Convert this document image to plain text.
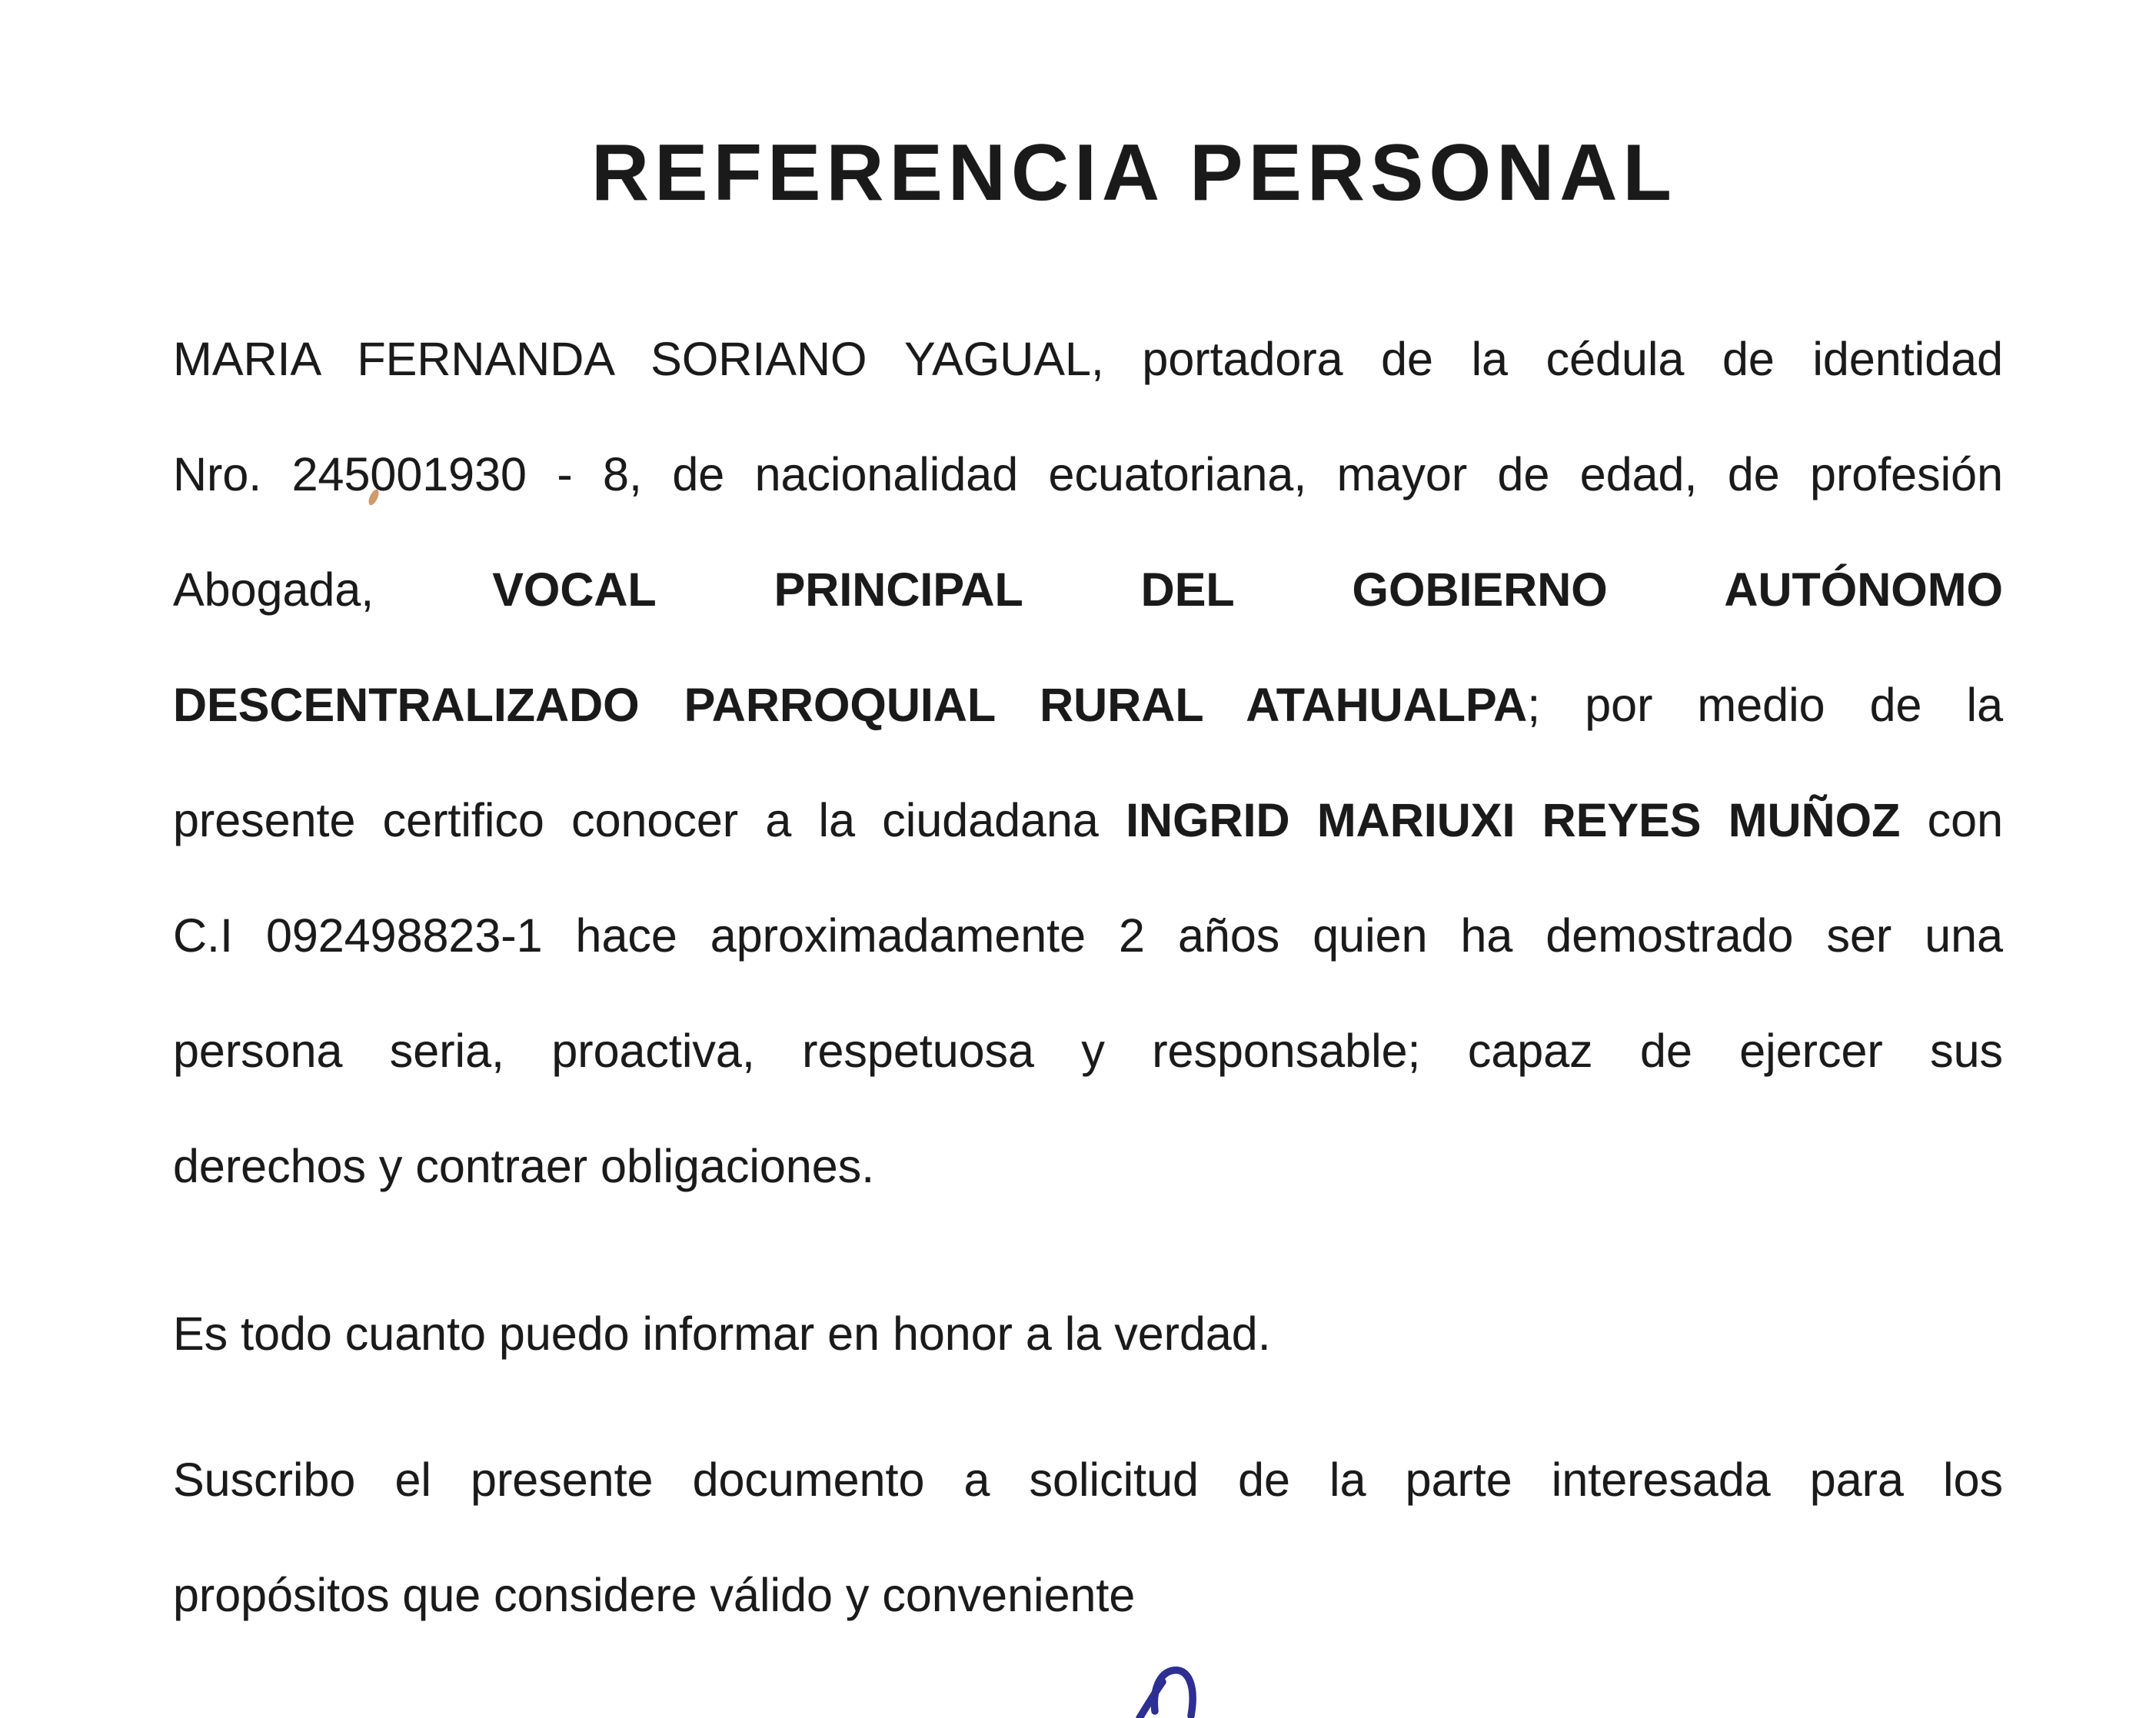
REFERENCIA PERSONAL
MARIA FERNANDA SORIANO YAGUAL, portadora de la cédula de identidad
Nro. 245001930 - 8, de nacionalidad ecuatoriana, mayor de edad, de profesión
Abogada, VOCAL PRINCIPAL DEL GOBIERNO AUTÓNOMO
DESCENTRALIZADO PARROQUIAL RURAL ATAHUALPA; por medio de la
presente certifico conocer a la ciudadana INGRID MARIUXI REYES MUÑOZ con
C.I 092498823-1 hace aproximadamente 2 años quien ha demostrado ser una
persona seria, proactiva, respetuosa y responsable; capaz de ejercer sus
derechos y contraer obligaciones.
Es todo cuanto puedo informar en honor a la verdad.
Suscribo el presente documento a solicitud de la parte interesada para los
propósitos que considere válido y conveniente
